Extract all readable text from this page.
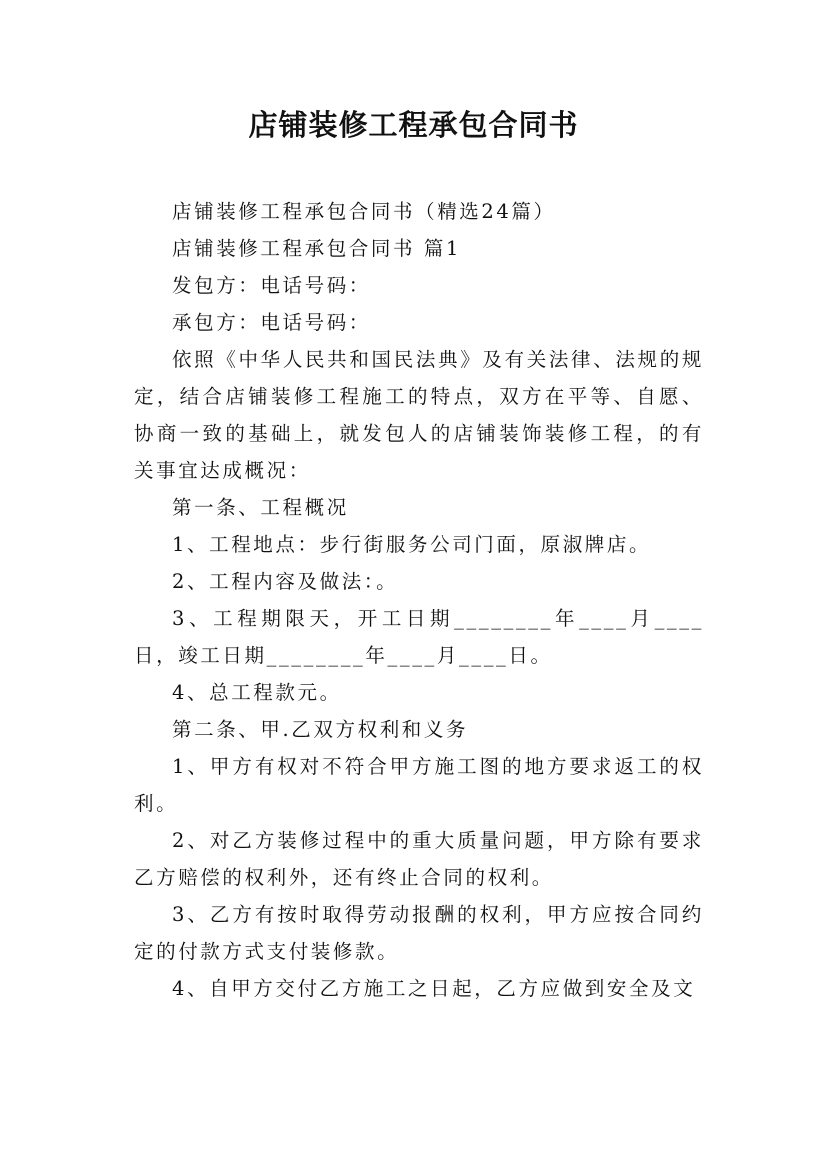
店铺装修工程承包合同书

店铺装修工程承包合同书（精选24篇）

店铺装修工程承包合同书 篇1

发包方：电话号码：

承包方：电话号码：

依照《中华人民共和国民法典》及有关法律、法规的规定，结合店铺装修工程施工的特点，双方在平等、自愿、协商一致的基础上，就发包人的店铺装饰装修工程，的有关事宜达成概况：

第一条、工程概况

1、工程地点：步行街服务公司门面，原淑牌店。

2、工程内容及做法：。

3、工程期限天，开工日期________年____月____日，竣工日期________年____月____日。

4、总工程款元。

第二条、甲.乙双方权利和义务

1、甲方有权对不符合甲方施工图的地方要求返工的权利。

2、对乙方装修过程中的重大质量问题，甲方除有要求乙方赔偿的权利外，还有终止合同的权利。

3、乙方有按时取得劳动报酬的权利，甲方应按合同约定的付款方式支付装修款。

4、自甲方交付乙方施工之日起，乙方应做到安全及文
